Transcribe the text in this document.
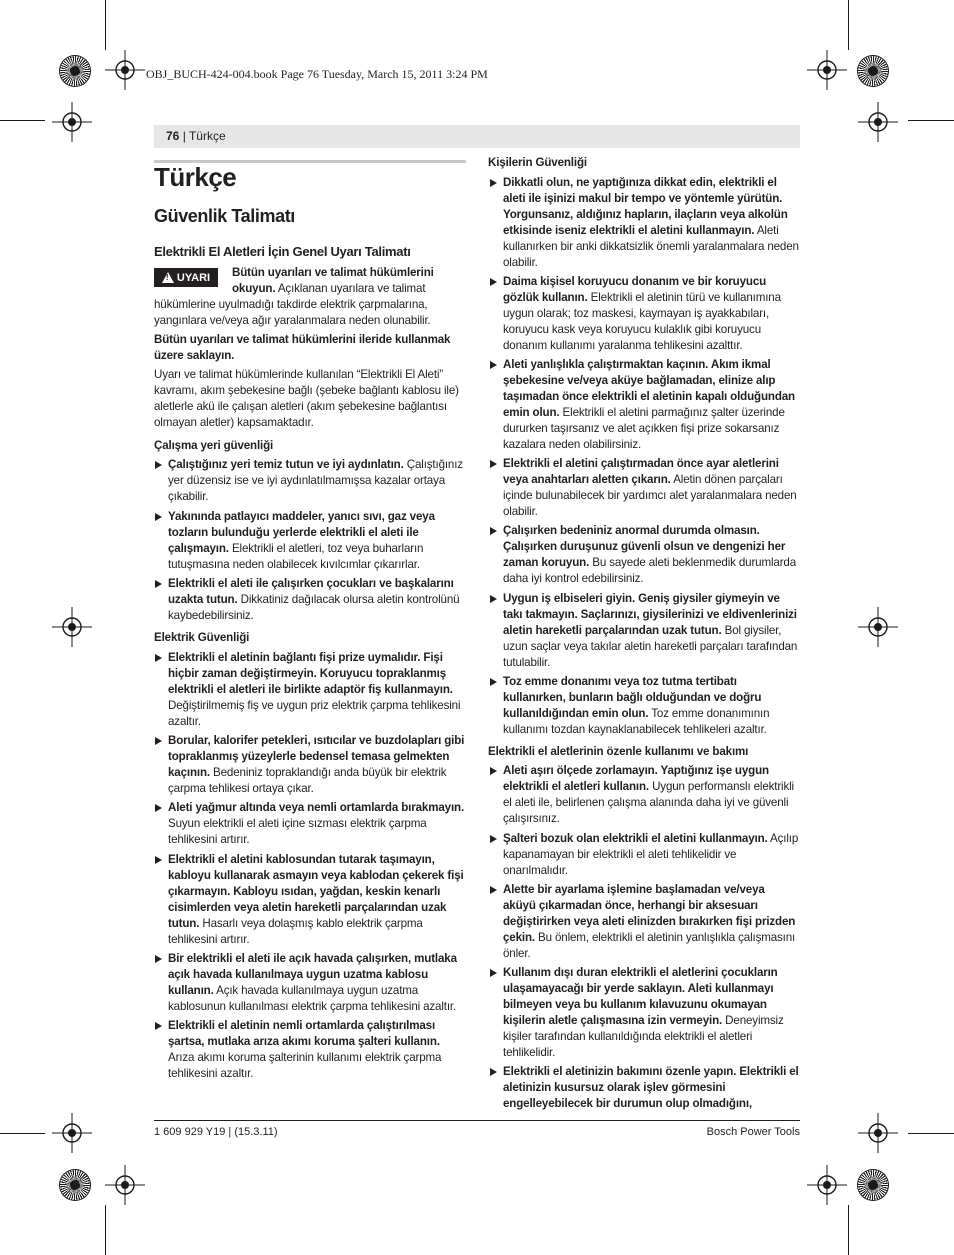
OBJ_BUCH-424-004.book Page 76 Tuesday, March 15, 2011 3:24 PM
76 | Türkçe
Türkçe
Güvenlik Talimatı
Elektrikli El Aletleri İçin Genel Uyarı Talimatı
!
UYARI Bütün uyarıları ve talimat hükümlerini
okuyun. Açıklanan uyarılara ve talimat
hükümlerine uyulmadığı takdirde elektrik çarpmalarına, yangınlara ve/veya ağır yaralanmalara neden olunabilir.
Bütün uyarıları ve talimat hükümlerini ileride kullanmak üzere saklayın.
Uyarı ve talimat hükümlerinde kullanılan “Elektrikli El Aleti” kavramı, akım şebekesine bağlı (şebeke bağlantı kablosu ile) aletlerle akü ile çalışan aletleri (akım şebekesine bağlantısı olmayan aletler) kapsamaktadır.
Çalışma yeri güvenliği
Çalıştığınız yeri temiz tutun ve iyi aydınlatın. Çalıştığınız yer düzensiz ise ve iyi aydınlatılmamışsa kazalar ortaya çıkabilir.
Yakınında patlayıcı maddeler, yanıcı sıvı, gaz veya tozların bulunduğu yerlerde elektrikli el aleti ile çalışmayın. Elektrikli el aletleri, toz veya buharların tutuşmasına neden olabilecek kıvılcımlar çıkarırlar.
Elektrikli el aleti ile çalışırken çocukları ve başkalarını uzakta tutun. Dikkatiniz dağılacak olursa aletin kontrolünü kaybedebilirsiniz.
Elektrik Güvenliği
Elektrikli el aletinin bağlantı fişi prize uymalıdır. Fişi hiçbir zaman değiştirmeyin. Koruyucu topraklanmış elektrikli el aletleri ile birlikte adaptör fiş kullanmayın. Değiştirilmemiş fiş ve uygun priz elektrik çarpma tehlikesini azaltır.
Borular, kalorifer petekleri, ısıtıcılar ve buzdolapları gibi topraklanmış yüzeylerle bedensel temasa gelmekten kaçının. Bedeniniz topraklandığı anda büyük bir elektrik çarpma tehlikesi ortaya çıkar.
Aleti yağmur altında veya nemli ortamlarda bırakmayın. Suyun elektrikli el aleti içine sızması elektrik çarpma tehlikesini artırır.
Elektrikli el aletini kablosundan tutarak taşımayın, kabloyu kullanarak asmayın veya kablodan çekerek fişi çıkarmayın. Kabloyu ısıdan, yağdan, keskin kenarlı cisimlerden veya aletin hareketli parçalarından uzak tutun. Hasarlı veya dolaşmış kablo elektrik çarpma tehlikesini artırır.
Bir elektrikli el aleti ile açık havada çalışırken, mutlaka açık havada kullanılmaya uygun uzatma kablosu kullanın. Açık havada kullanılmaya uygun uzatma kablosunun kullanılması elektrik çarpma tehlikesini azaltır.
Elektrikli el aletinin nemli ortamlarda çalıştırılması şartsa, mutlaka arıza akımı koruma şalteri kullanın. Arıza akımı koruma şalterinin kullanımı elektrik çarpma tehlikesini azaltır.
Kişilerin Güvenliği
Dikkatli olun, ne yaptığınıza dikkat edin, elektrikli el aleti ile işinizi makul bir tempo ve yöntemle yürütün. Yorgunsanız, aldığınız hapların, ilaçların veya alkolün etkisinde iseniz elektrikli el aletini kullanmayın. Aleti kullanırken bir anki dikkatsizlik önemli yaralanmalara neden olabilir.
Daima kişisel koruyucu donanım ve bir koruyucu gözlük kullanın. Elektrikli el aletinin türü ve kullanımına uygun olarak; toz maskesi, kaymayan iş ayakkabıları, koruyucu kask veya koruyucu kulaklık gibi koruyucu donanım kullanımı yaralanma tehlikesini azalttır.
Aleti yanlışlıkla çalıştırmaktan kaçının. Akım ikmal şebekesine ve/veya aküye bağlamadan, elinize alıp taşımadan önce elektrikli el aletinin kapalı olduğundan emin olun. Elektrikli el aletini parmağınız şalter üzerinde dururken taşırsanız ve alet açıkken fişi prize sokarsanız kazalara neden olabilirsiniz.
Elektrikli el aletini çalıştırmadan önce ayar aletlerini veya anahtarları aletten çıkarın. Aletin dönen parçaları içinde bulunabilecek bir yardımcı alet yaralanmalara neden olabilir.
Çalışırken bedeniniz anormal durumda olmasın. Çalışırken duruşunuz güvenli olsun ve dengenizi her zaman koruyun. Bu sayede aleti beklenmedik durumlarda daha iyi kontrol edebilirsiniz.
Uygun iş elbiseleri giyin. Geniş giysiler giymeyin ve takı takmayın. Saçlarınızı, giysilerinizi ve eldivenlerinizi aletin hareketli parçalarından uzak tutun. Bol giysiler, uzun saçlar veya takılar aletin hareketli parçaları tarafından tutulabilir.
Toz emme donanımı veya toz tutma tertibatı kullanırken, bunların bağlı olduğundan ve doğru kullanıldığından emin olun. Toz emme donanımının kullanımı tozdan kaynaklanabilecek tehlikeleri azaltır.
Elektrikli el aletlerinin özenle kullanımı ve bakımı
Aleti aşırı ölçede zorlamayın. Yaptığınız işe uygun elektrikli el aletleri kullanın. Uygun performanslı elektrikli el aleti ile, belirlenen çalışma alanında daha iyi ve güvenli çalışırsınız.
Şalteri bozuk olan elektrikli el aletini kullanmayın. Açılıp kapanamayan bir elektrikli el aleti tehlikelidir ve onarılmalıdır.
Alette bir ayarlama işlemine başlamadan ve/veya aküyü çıkarmadan önce, herhangi bir aksesuarı değiştirirken veya aleti elinizden bırakırken fişi prizden çekin. Bu önlem, elektrikli el aletinin yanlışlıkla çalışmasını önler.
Kullanım dışı duran elektrikli el aletlerini çocukların ulaşamayacağı bir yerde saklayın. Aleti kullanmayı bilmeyen veya bu kullanım kılavuzunu okumayan kişilerin aletle çalışmasına izin vermeyin. Deneyimsiz kişiler tarafından kullanıldığında elektrikli el aletleri tehlikelidir.
Elektrikli el aletinizin bakımını özenle yapın. Elektrikli el aletinizin kusursuz olarak işlev görmesini engelleyebilecek bir durumun olup olmadığını,
1 609 929 Y19 | (15.3.11)	Bosch Power Tools
